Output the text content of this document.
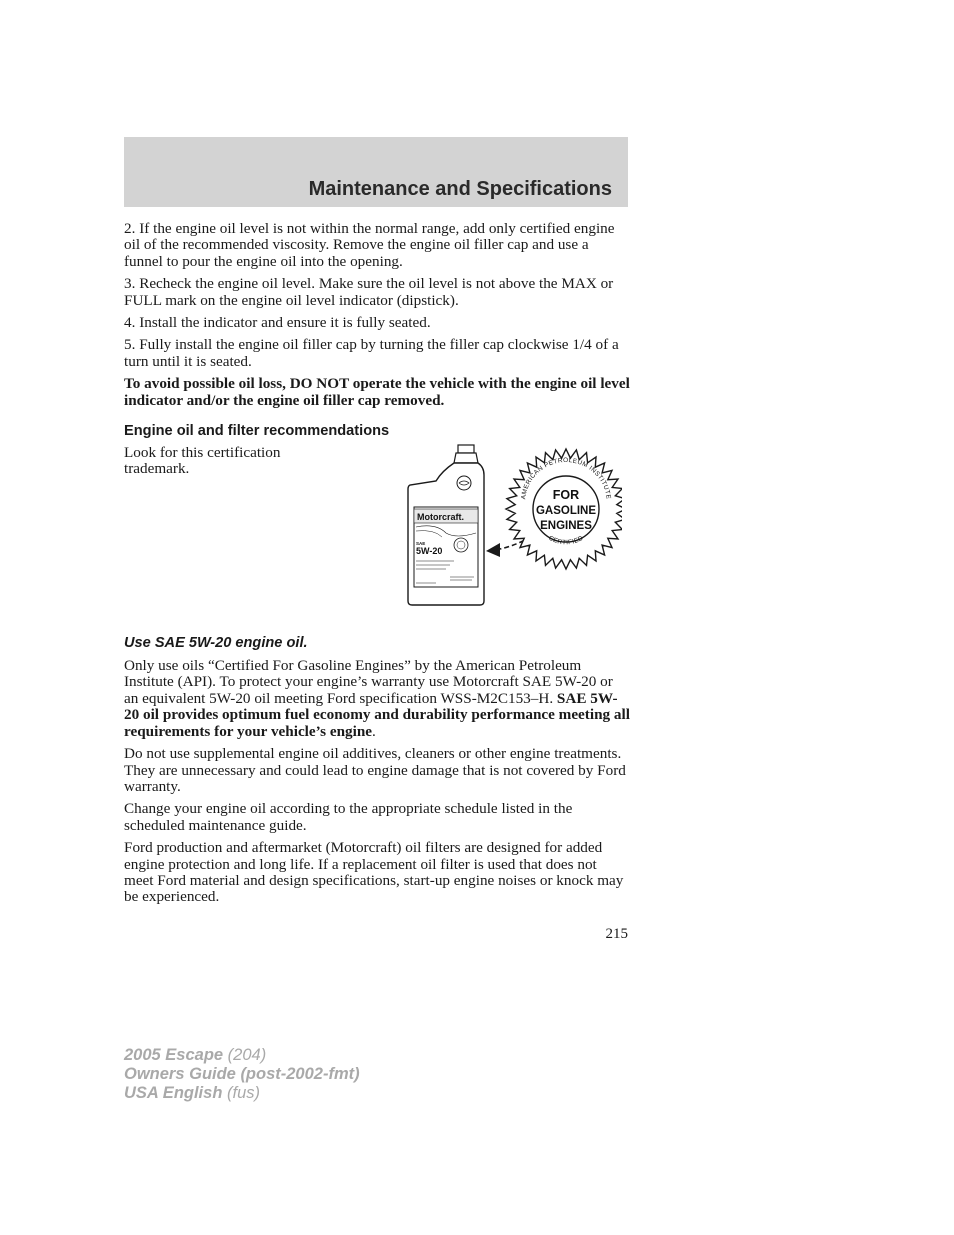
Maintenance and Specifications

2. If the engine oil level is not within the normal range, add only certified engine oil of the recommended viscosity. Remove the engine oil filler cap and use a funnel to pour the engine oil into the opening.

3. Recheck the engine oil level. Make sure the oil level is not above the MAX or FULL mark on the engine oil level indicator (dipstick).

4. Install the indicator and ensure it is fully seated.

5. Fully install the engine oil filler cap by turning the filler cap clockwise 1/4 of a turn until it is seated.

To avoid possible oil loss, DO NOT operate the vehicle with the engine oil level indicator and/or the engine oil filler cap removed.

Engine oil and filter recommendations

Look for this certification trademark.

Motorcraft.
SAE
5W-20
AMERICAN PETROLEUM INSTITUTE
CERTIFIED
FOR
GASOLINE
ENGINES

Use SAE 5W-20 engine oil.

Only use oils “Certified For Gasoline Engines” by the American Petroleum Institute (API). To protect your engine’s warranty use Motorcraft SAE 5W-20 or an equivalent 5W-20 oil meeting Ford specification WSS-M2C153–H. SAE 5W-20 oil provides optimum fuel economy and durability performance meeting all requirements for your vehicle’s engine.

Do not use supplemental engine oil additives, cleaners or other engine treatments. They are unnecessary and could lead to engine damage that is not covered by Ford warranty.

Change your engine oil according to the appropriate schedule listed in the scheduled maintenance guide.

Ford production and aftermarket (Motorcraft) oil filters are designed for added engine protection and long life. If a replacement oil filter is used that does not meet Ford material and design specifications, start-up engine noises or knock may be experienced.

215
2005 Escape (204)
Owners Guide (post-2002-fmt)
USA English (fus)
